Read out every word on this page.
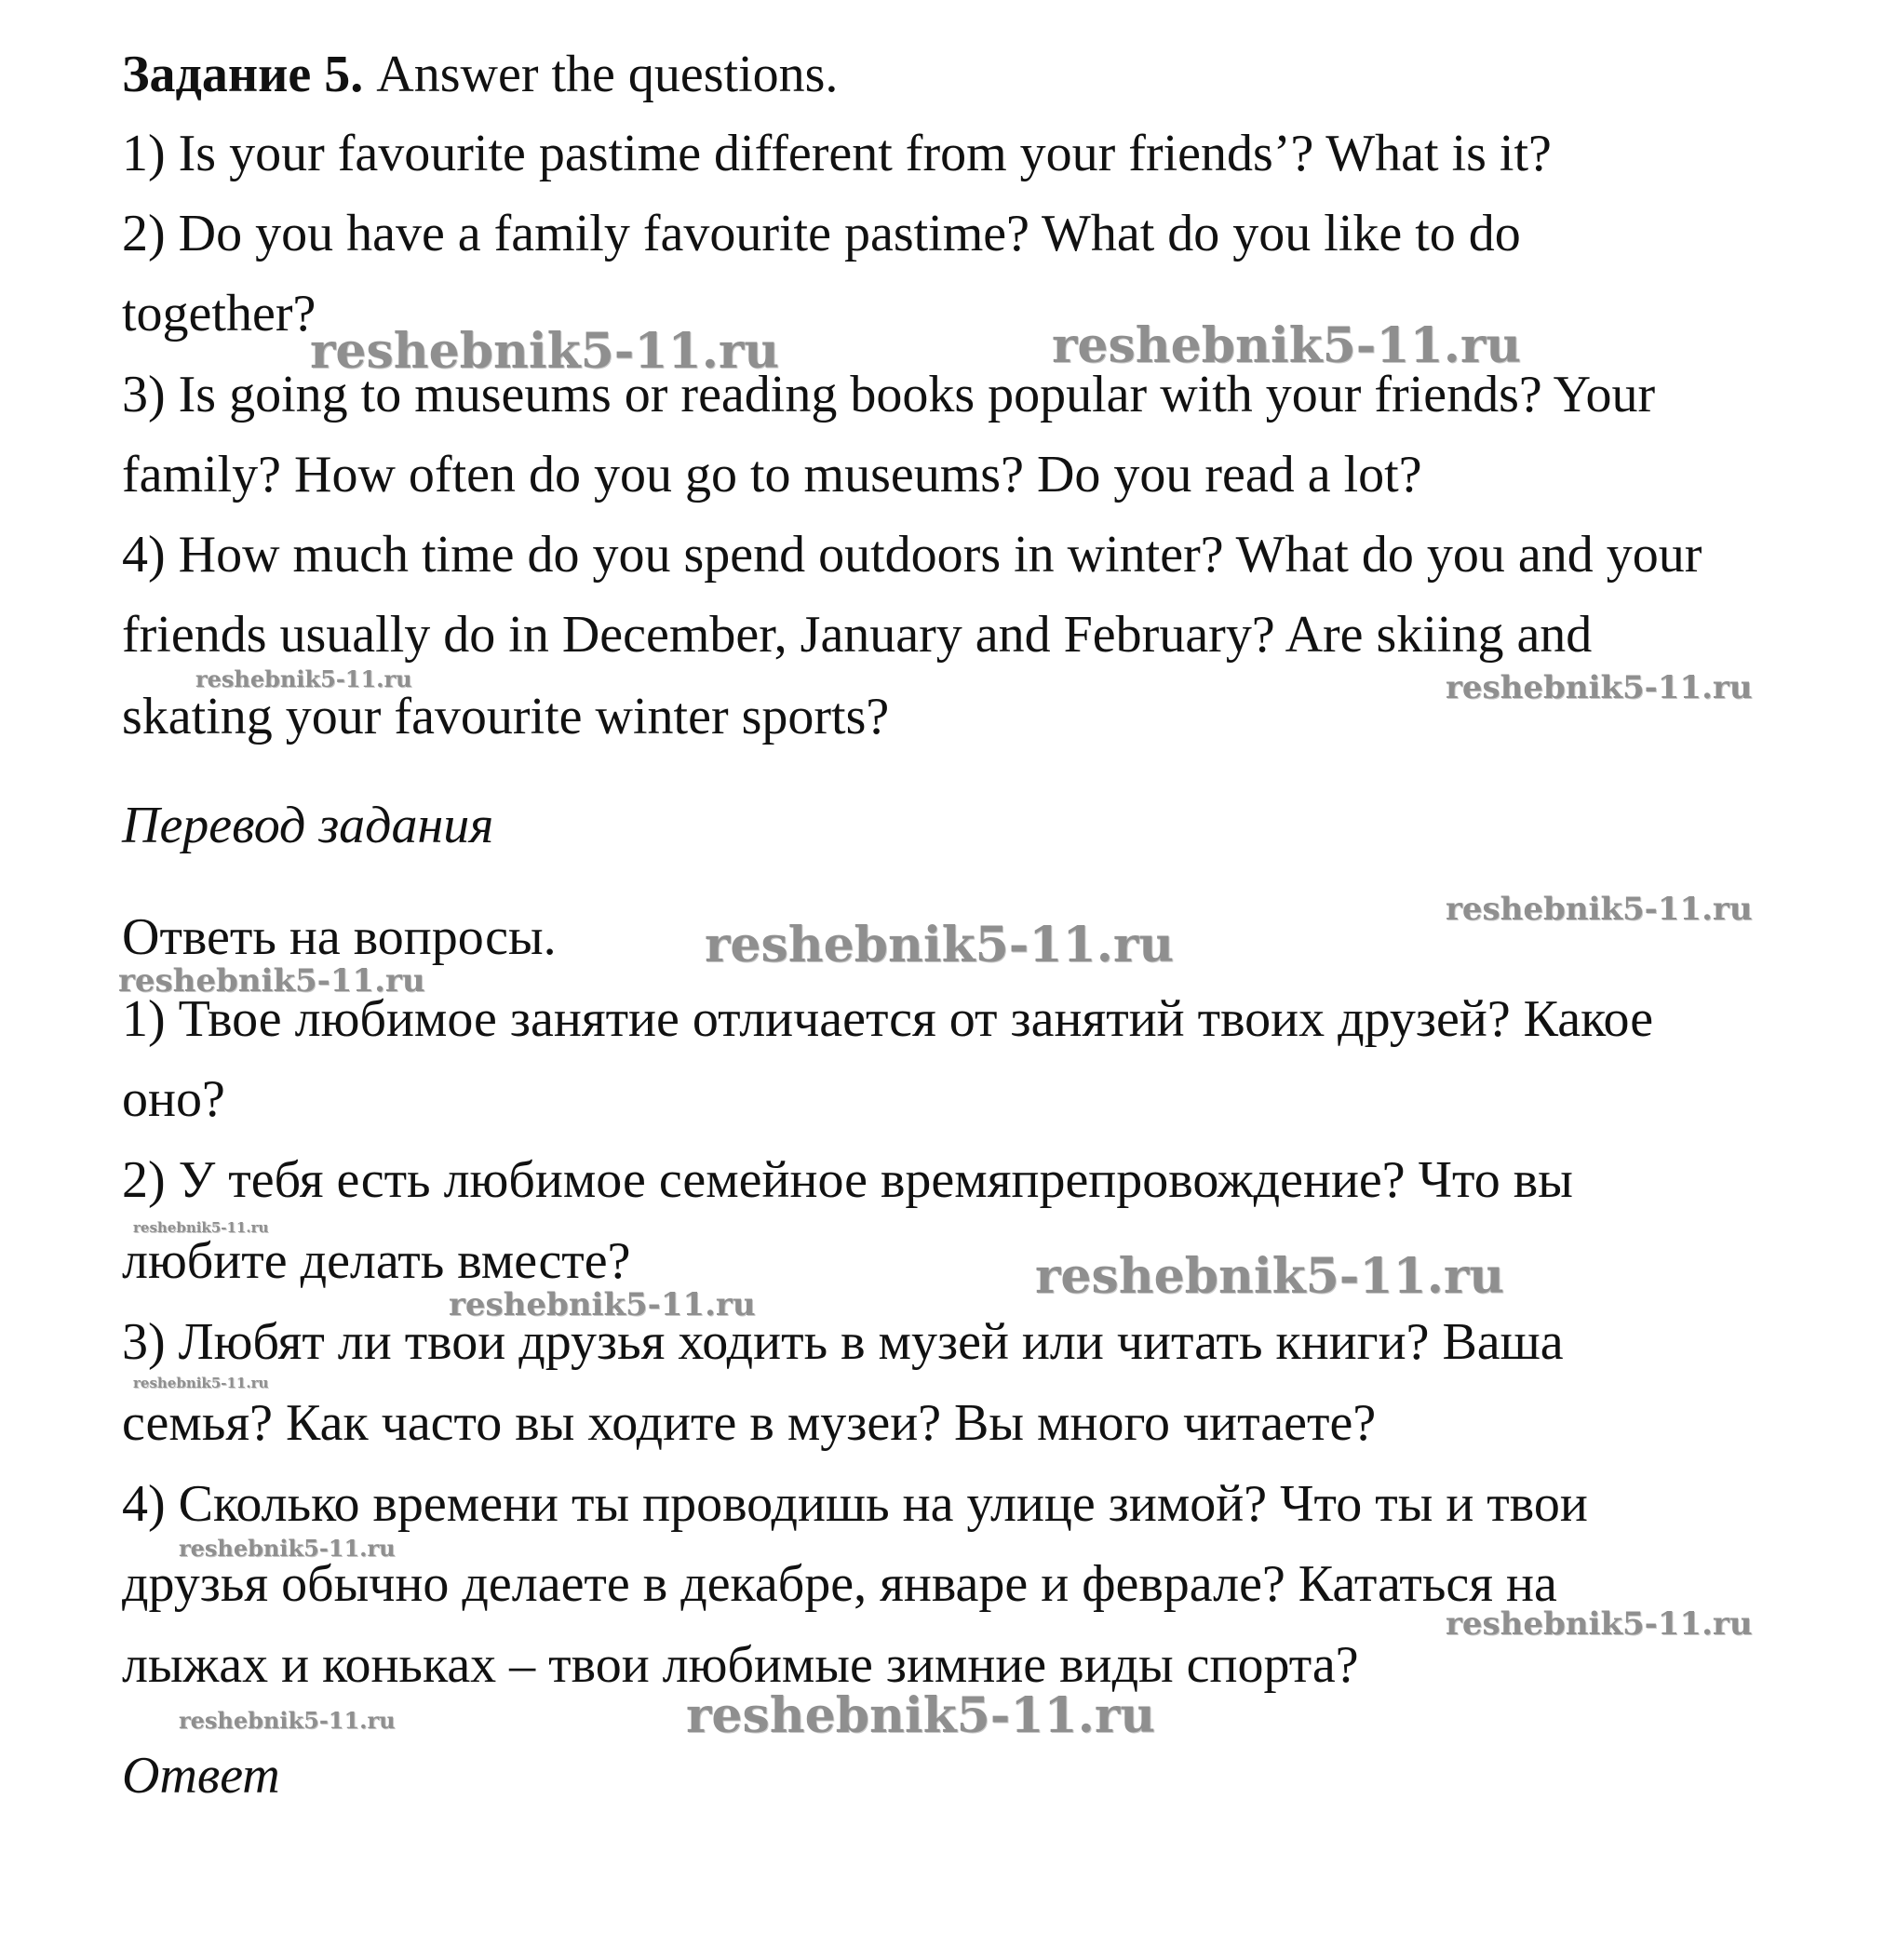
Задание 5. Answer the questions.

1) Is your favourite pastime different from your friends’? What is it?

2) Do you have a family favourite pastime? What do you like to do

together?

3) Is going to museums or reading books popular with your friends? Your

family? How often do you go to museums? Do you read a lot?

4) How much time do you spend outdoors in winter? What do you and your

friends usually do in December, January and February? Are skiing and

skating your favourite winter sports?

Перевод задания

Ответь на вопросы.

1) Твое любимое занятие отличается от занятий твоих друзей? Какое

оно?

2) У тебя есть любимое семейное времяпрепровождение? Что вы

любите делать вместе?

3) Любят ли твои друзья ходить в музей или читать книги? Ваша

семья? Как часто вы ходите в музеи? Вы много читаете?

4) Сколько времени ты проводишь на улице зимой? Что ты и твои

друзья обычно делаете в декабре, январе и феврале? Кататься на

лыжах и коньках – твои любимые зимние виды спорта?

Ответ

reshebnik5-11.ru	reshebnik5-11.ru
reshebnik5-11.ru	reshebnik5-11.ru
reshebnik5-11.ru
reshebnik5-11.ru
reshebnik5-11.ru
reshebnik5-11.ru
reshebnik5-11.ru
reshebnik5-11.ru
reshebnik5-11.ru
reshebnik5-11.ru
reshebnik5-11.ru
reshebnik5-11.ru	reshebnik5-11.ru
